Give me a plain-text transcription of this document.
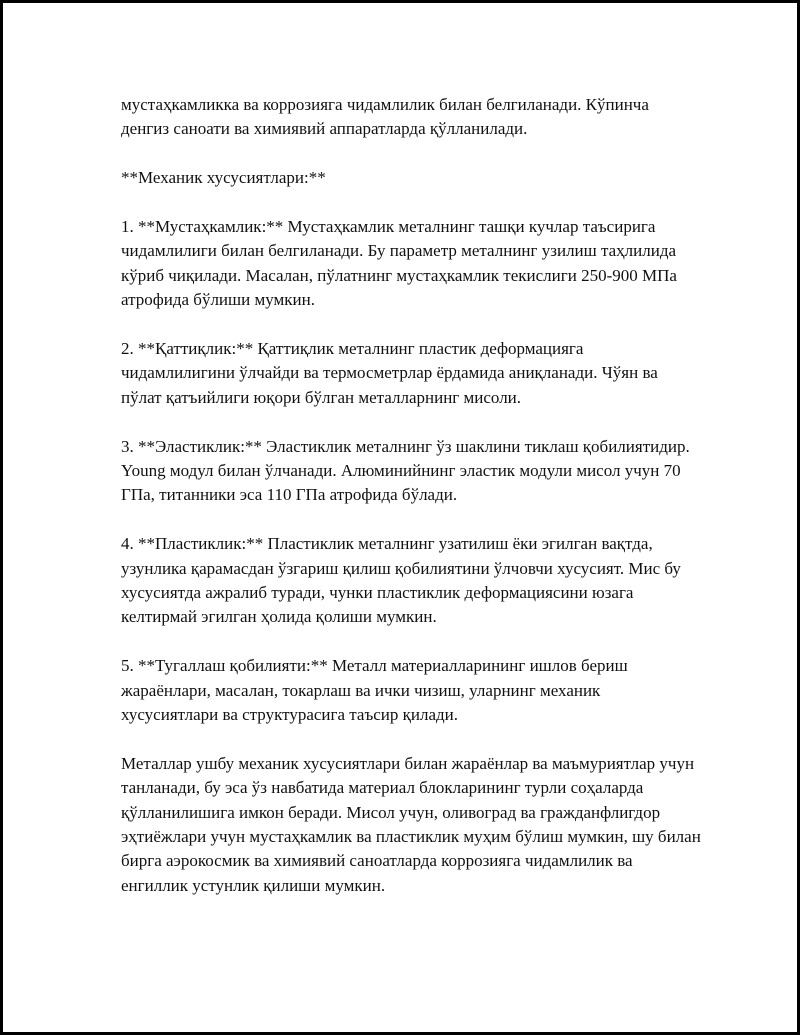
мустаҳкамликка ва коррозияга чидамлилик билан белгиланади. Кўпинча денгиз саноати ва химиявий аппаратларда қўлланилади.

**Механик хусусиятлари:**

1. **Мустаҳкамлик:** Мустаҳкамлик металнинг ташқи кучлар таъсирига чидамлилиги билан белгиланади. Бу параметр металнинг узилиш таҳлилида кўриб чиқилади. Масалан, пўлатнинг мустаҳкамлик текислиги 250-900 МПа атрофида бўлиши мумкин.

2. **Қаттиқлик:** Қаттиқлик металнинг пластик деформацияга чидамлилигини ўлчайди ва термосметрлар ёрдамида аниқланади. Чўян ва пўлат қатъийлиги юқори бўлган металларнинг мисоли.

3. **Эластиклик:** Эластиклик металнинг ўз шаклини тиклаш қобилиятидир. Young модул билан ўлчанади. Алюминийнинг эластик модули мисол учун 70 ГПа, титанники эса 110 ГПа атрофида бўлади.

4. **Пластиклик:** Пластиклик металнинг узатилиш ёки эгилган вақтда, узунлика қарамасдан ўзгариш қилиш қобилиятини ўлчовчи хусусият. Мис бу хусусиятда ажралиб туради, чунки пластиклик деформациясини юзага келтирмай эгилган ҳолида қолиши мумкин.

5. **Тугаллаш қобилияти:** Металл материалларининг ишлов бериш жараёнлари, масалан, токарлаш ва ички чизиш, уларнинг механик хусусиятлари ва структурасига таъсир қилади.

Металлар ушбу механик хусусиятлари билан жараёнлар ва маъмуриятлар учун танланади, бу эса ўз навбатида материал блокларининг турли соҳаларда қўлланилишига имкон беради. Мисол учун, оливоград ва гражданфлигдор эҳтиёжлари учун мустаҳкамлик ва пластиклик муҳим бўлиш мумкин, шу билан бирга аэрокосмик ва химиявий саноатларда коррозияга чидамлилик ва енгиллик устунлик қилиши мумкин.
